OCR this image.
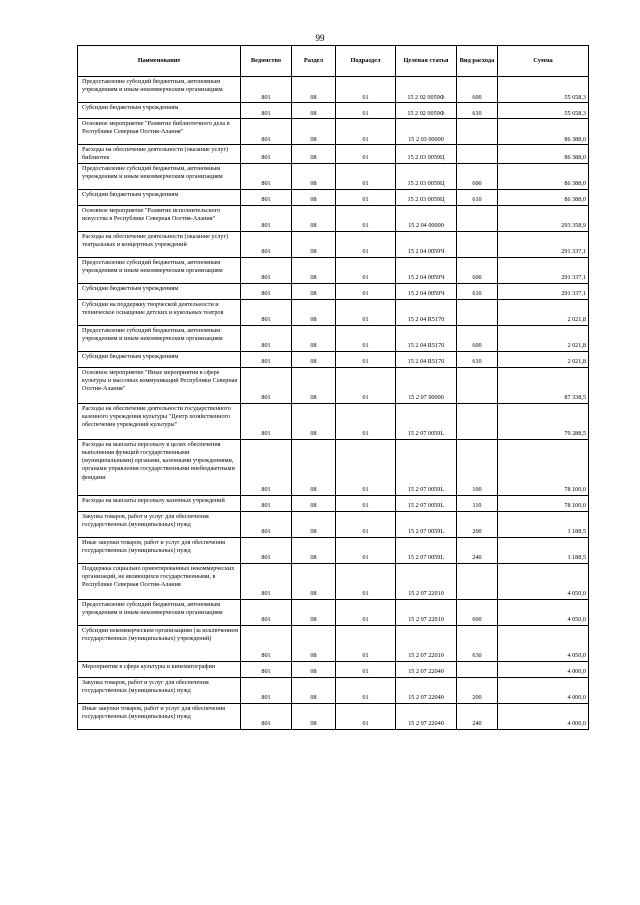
99
Наименование	Ведомство	Раздел	Подраздел	Целевая статья	Вид расхода	Сумма
Предоставление субсидий бюджетным, автономным учреждениям и иным некоммерческим организациям	801	08	01	15 2 02 0059Ф	600	55 658,3
Субсидии бюджетным учреждениям	801	08	01	15 2 02 0059Ф	610	55 658,3
Основное мероприятие "Развитие библиотечного дела в Республике Северная Осетия-Алания"	801	08	01	15 2 03 00000		86 388,0
Расходы на обеспечение деятельности (оказание услуг) библиотек	801	08	01	15 2 03 0059Ц		86 388,0
Предоставление субсидий бюджетным, автономным учреждениям и иным некоммерческим организациям	801	08	01	15 2 03 0059Ц	600	86 388,0
Субсидии бюджетным учреждениям	801	08	01	15 2 03 0059Ц	610	86 388,0
Основное мероприятие "Развитие исполнительского искусства в Республике Северная Осетия-Алания"	801	08	01	15 2 04 00000		293 358,9
Расходы на обеспечение деятельности (оказание услуг) театральных и концертных учреждений	801	08	01	15 2 04 0059Ч		291 337,1
Предоставление субсидий бюджетным, автономным учреждениям и иным некоммерческим организациям	801	08	01	15 2 04 0059Ч	600	291 337,1
Субсидии бюджетным учреждениям	801	08	01	15 2 04 0059Ч	610	291 337,1
Субсидии на поддержку творческой деятельности и техническое оснащение детских и кукольных театров	801	08	01	15 2 04 R5170		2 021,8
Предоставление субсидий бюджетным, автономным учреждениям и иным некоммерческим организациям	801	08	01	15 2 04 R5170	600	2 021,8
Субсидии бюджетным учреждениям	801	08	01	15 2 04 R5170	610	2 021,8
Основное мероприятие "Иные мероприятия в сфере культуры и массовых коммуникаций Республики Северная Осетия-Алания"	801	08	01	15 2 07 00000		87 338,5
Расходы на обеспечение деятельности государственного казенного учреждения культуры "Центр хозяйственного обеспечения учреждений культуры"	801	08	01	15 2 07 0059L		79 288,5
Расходы на выплаты персоналу в целях обеспечения выполнения функций государственными (муниципальными) органами, казенными учреждениями, органами управления государственными внебюджетными фондами	801	08	01	15 2 07 0059L	100	78 100,0
Расходы на выплаты персоналу казенных учреждений	801	08	01	15 2 07 0059L	110	78 100,0
Закупка товаров, работ и услуг для обеспечения государственных (муниципальных) нужд	801	08	01	15 2 07 0059L	200	1 188,5
Иные закупки товаров, работ и услуг для обеспечения государственных (муниципальных) нужд	801	08	01	15 2 07 0059L	240	1 188,5
Поддержка социально ориентированных некоммерческих организаций, не являющихся государственными, в Республике Северная Осетия-Алания	801	08	01	15 2 07 22010		4 050,0
Предоставление субсидий бюджетным, автономным учреждениям и иным некоммерческим организациям	801	08	01	15 2 07 22010	600	4 050,0
Субсидии некоммерческим организациям (за исключением государственных (муниципальных) учреждений)	801	08	01	15 2 07 22010	630	4 050,0
Мероприятия в сфере культуры и кинематографии	801	08	01	15 2 07 22040		4 000,0
Закупка товаров, работ и услуг для обеспечения государственных (муниципальных) нужд	801	08	01	15 2 07 22040	200	4 000,0
Иные закупки товаров, работ и услуг для обеспечения государственных (муниципальных) нужд	801	08	01	15 2 07 22040	240	4 000,0
